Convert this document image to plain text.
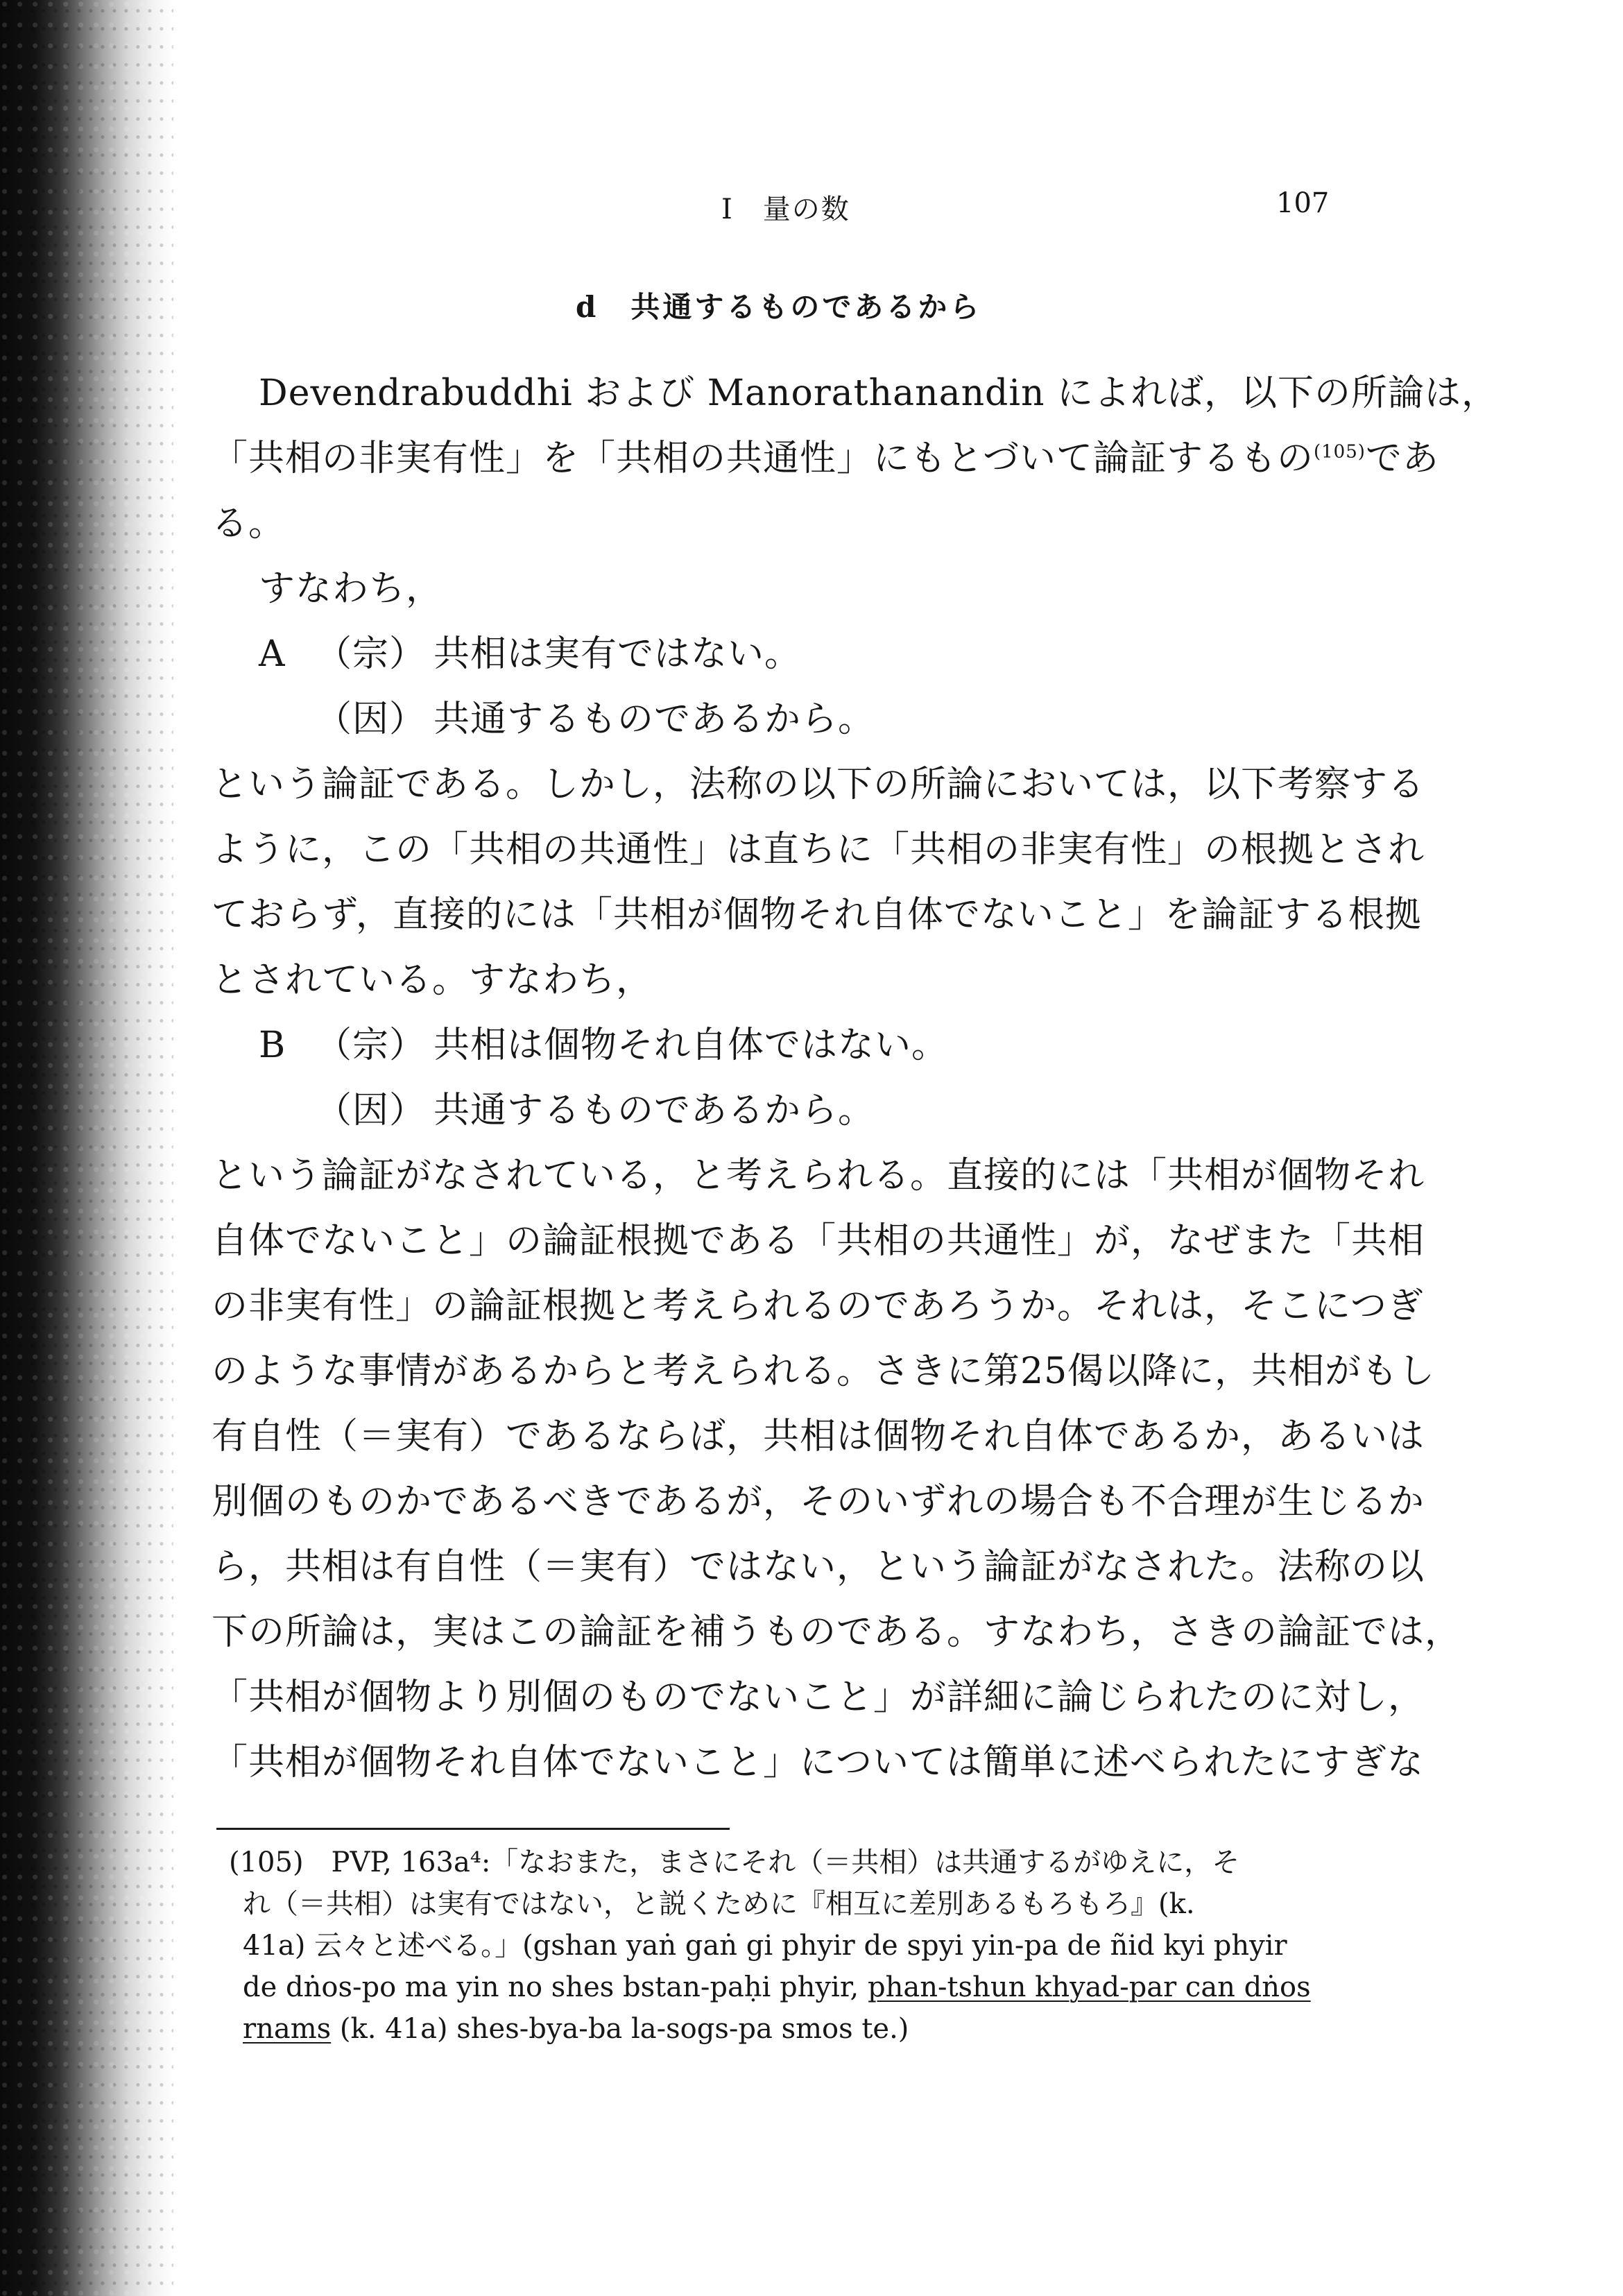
I　量の数	107
d　共通するものであるから
Devendrabuddhi および Manorathanandin によれば，以下の所論は，
「共相の非実有性」を「共相の共通性」にもとづいて論証するもの$^{(105)}$であ
る。
すなわち，
A （宗） 共相は実有ではない。
（因） 共通するものであるから。
という論証である。しかし，法称の以下の所論においては，以下考察する
ように，この「共相の共通性」は直ちに「共相の非実有性」の根拠とされ
ておらず，直接的には「共相が個物それ自体でないこと」を論証する根拠
とされている。すなわち，
B （宗） 共相は個物それ自体ではない。
（因） 共通するものであるから。
という論証がなされている，と考えられる。直接的には「共相が個物それ
自体でないこと」の論証根拠である「共相の共通性」が，なぜまた「共相
の非実有性」の論証根拠と考えられるのであろうか。それは，そこにつぎ
のような事情があるからと考えられる。さきに第25偈以降に，共相がもし
有自性（＝実有）であるならば，共相は個物それ自体であるか，あるいは
別個のものかであるべきであるが，そのいずれの場合も不合理が生じるか
ら，共相は有自性（＝実有）ではない，という論証がなされた。法称の以
下の所論は，実はこの論証を補うものである。すなわち，さきの論証では，
「共相が個物より別個のものでないこと」が詳細に論じられたのに対し，
「共相が個物それ自体でないこと」については簡単に述べられたにすぎな
(105)　PVP, 163a⁴:「なおまた，まさにそれ（＝共相）は共通するがゆえに，そ
れ（＝共相）は実有ではない，と説くために『相互に差別あるもろもろ』(k.
41a) 云々と述べる。」(gshan yaṅ gaṅ gi phyir de spyi yin-pa de ñid kyi phyir
de dṅos-po ma yin no shes bstan-paḥi phyir, phan-tshun khyad-par can dṅos
rnams (k. 41a) shes-bya-ba la-sogs-pa smos te.)
